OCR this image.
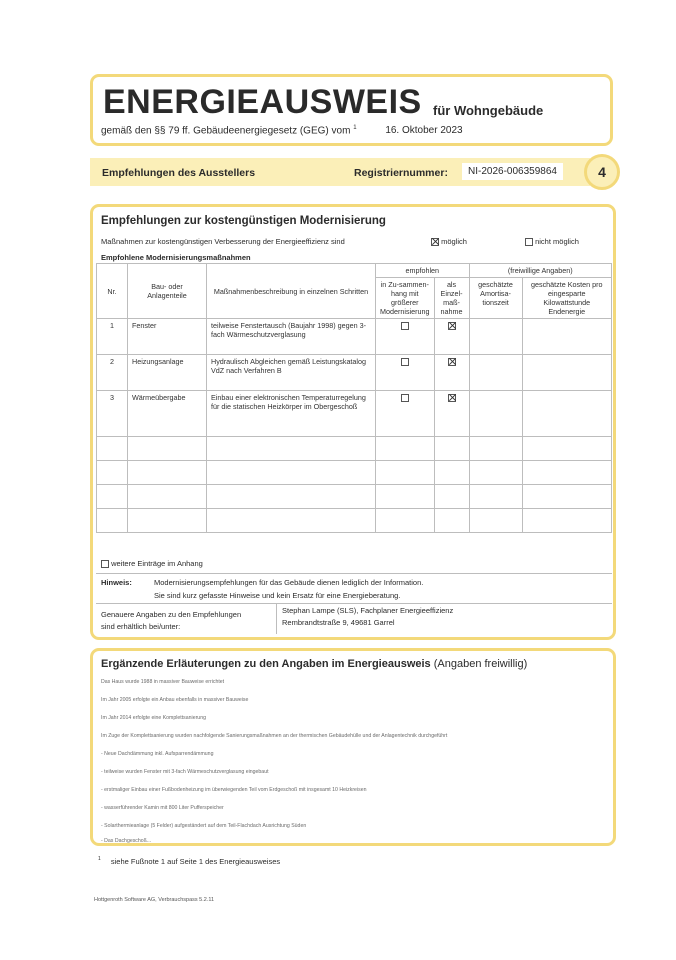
ENERGIEAUSWEIS für Wohngebäude
gemäß den §§ 79 ff. Gebäudeenergiegesetz (GEG) vom $^1$	16. Oktober 2023
Empfehlungen des Ausstellers	Registriernummer:	NI-2026-006359864	4
Empfehlungen zur kostengünstigen Modernisierung
Maßnahmen zur kostengünstigen Verbesserung der Energieeffizienz sind	möglich	nicht möglich
Empfohlene Modernisierungsmaßnahmen
Nr.	Bau- oder Anlagenteile	Maßnahmenbeschreibung in einzelnen Schritten	empfohlen		(freiwillige Angaben)	
			in Zu-sammen-hang mit größerer Modernisierung	als Einzel-maß-nahme	geschätzte Amortisa-tionszeit	geschätzte Kosten pro eingesparte Kilowattstunde Endenergie
1	Fenster	teilweise Fenstertausch (Baujahr 1998) gegen 3-fach Wärmeschutzverglasung				
2	Heizungsanlage	Hydraulisch Abgleichen gemäß Leistungskatalog VdZ nach Verfahren B				
3	Wärmeübergabe	Einbau einer elektronischen Temperaturregelung für die statischen Heizkörper im Obergeschoß				

weitere Einträge im Anhang
Hinweis:	Modernisierungsempfehlungen für das Gebäude dienen lediglich der Information.
Sie sind kurz gefasste Hinweise und kein Ersatz für eine Energieberatung.
Genauere Angaben zu den Empfehlungen
sind erhältlich bei/unter:
Stephan Lampe (SLS), Fachplaner Energieeffizienz
Rembrandtstraße 9, 49681 Garrel
Ergänzende Erläuterungen zu den Angaben im Energieausweis (Angaben freiwillig)
Das Haus wurde 1988 in massiver Bauweise errichtet
Im Jahr 2005 erfolgte ein Anbau ebenfalls in massiver Bauweise
Im Jahr 2014 erfolgte eine Komplettsanierung
Im Zuge der Komplettsanierung wurden nachfolgende Sanierungsmaßnahmen an der thermischen Gebäudehülle und der Anlagentechnik durchgeführt
- Neue Dachdämmung inkl. Aufsparrendämmung
- teilweise wurden Fenster mit 3-fach Wärmeschutzverglasung eingebaut
- erstmaliger Einbau einer Fußbodenheizung im überwiegenden Teil vom Erdgeschoß mit insgesamt 10 Heizkreisen
- wasserführender Kamin mit 800 Liter Pufferspeicher
- Solarthermieanlage (5 Felder) aufgeständert auf dem Teil-Flachdach Ausrichtung Süden
- Das Dachgeschoß...
$^1$ siehe Fußnote 1 auf Seite 1 des Energieausweises
Hottgenroth Software AG, Verbrauchspass 5.2.11
